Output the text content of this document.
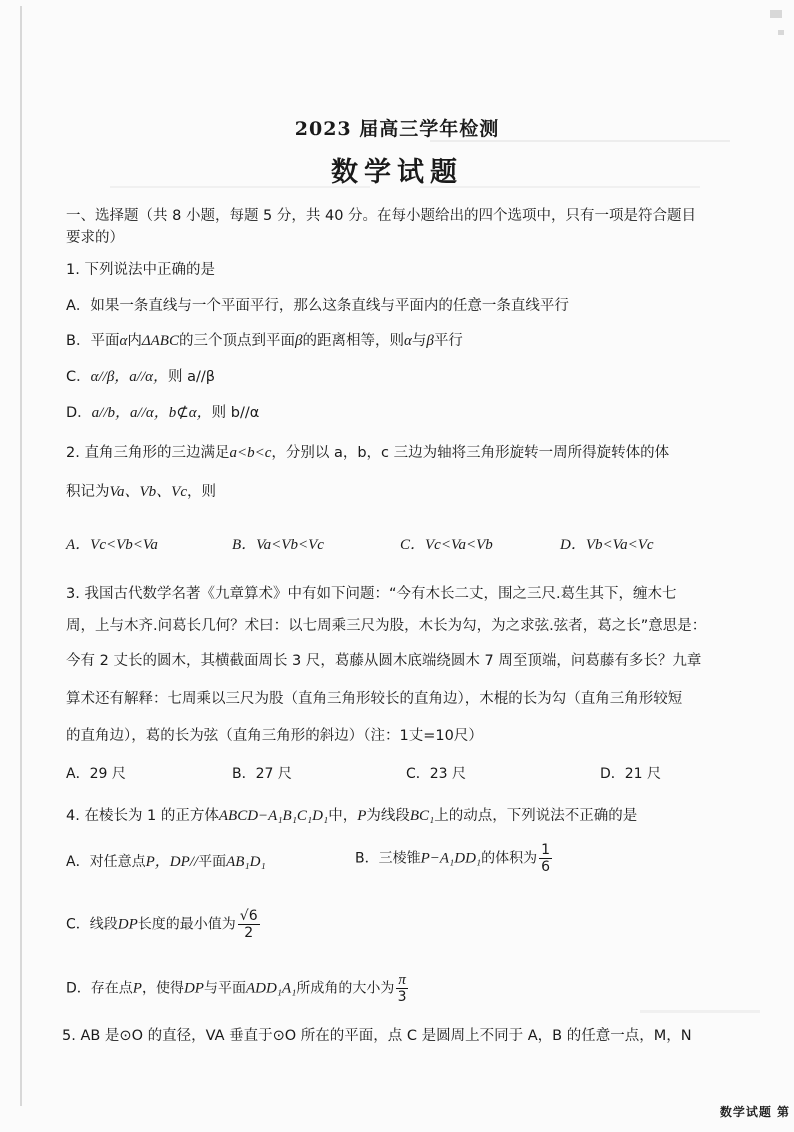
2023 届高三学年检测
数学试题
一、选择题（共 8 小题，每题 5 分，共 40 分。在每小题给出的四个选项中，只有一项是符合题目
要求的）
1. 下列说法中正确的是
A．如果一条直线与一个平面平行，那么这条直线与平面内的任意一条直线平行
B．平面α内ΔABC的三个顶点到平面β的距离相等，则α与β平行
C．α//β，a//α，则 a//β
D．a//b，a//α，b⊄α，则 b//α
2. 直角三角形的三边满足a<b<c，分别以 a，b，c 三边为轴将三角形旋转一周所得旋转体的体
积记为Va、Vb、Vc，则
A．Vc<Vb<Va	B．Va<Vb<Vc	C．Vc<Va<Vb	D．Vb<Va<Vc
3. 我国古代数学名著《九章算术》中有如下问题：“今有木长二丈，围之三尺.葛生其下，缠木七
周，上与木齐.问葛长几何？术曰：以七周乘三尺为股，木长为勾，为之求弦.弦者，葛之长”意思是：
今有 2 丈长的圆木，其横截面周长 3 尺，葛藤从圆木底端绕圆木 7 周至顶端，问葛藤有多长？九章
算术还有解释：七周乘以三尺为股（直角三角形较长的直角边），木棍的长为勾（直角三角形较短
的直角边），葛的长为弦（直角三角形的斜边）（注：1丈=10尺）
A．29 尺	B．27 尺	C．23 尺	D．21 尺
4. 在棱长为 1 的正方体ABCD−A₁B₁C₁D₁中，P为线段BC₁上的动点，下列说法不正确的是
A．对任意点P，DP//平面AB₁D₁	B．三棱锥P−A₁DD₁的体积为 $\frac{1}{6}$
C．线段DP长度的最小值为 $\frac{√6}{2}$
D．存在点P，使得DP与平面ADD₁A₁所成角的大小为 $\frac{\pi}{3}$
5. AB 是⊙O 的直径，VA 垂直于⊙O 所在的平面，点 C 是圆周上不同于 A，B 的任意一点，M，N
数学试题 第
